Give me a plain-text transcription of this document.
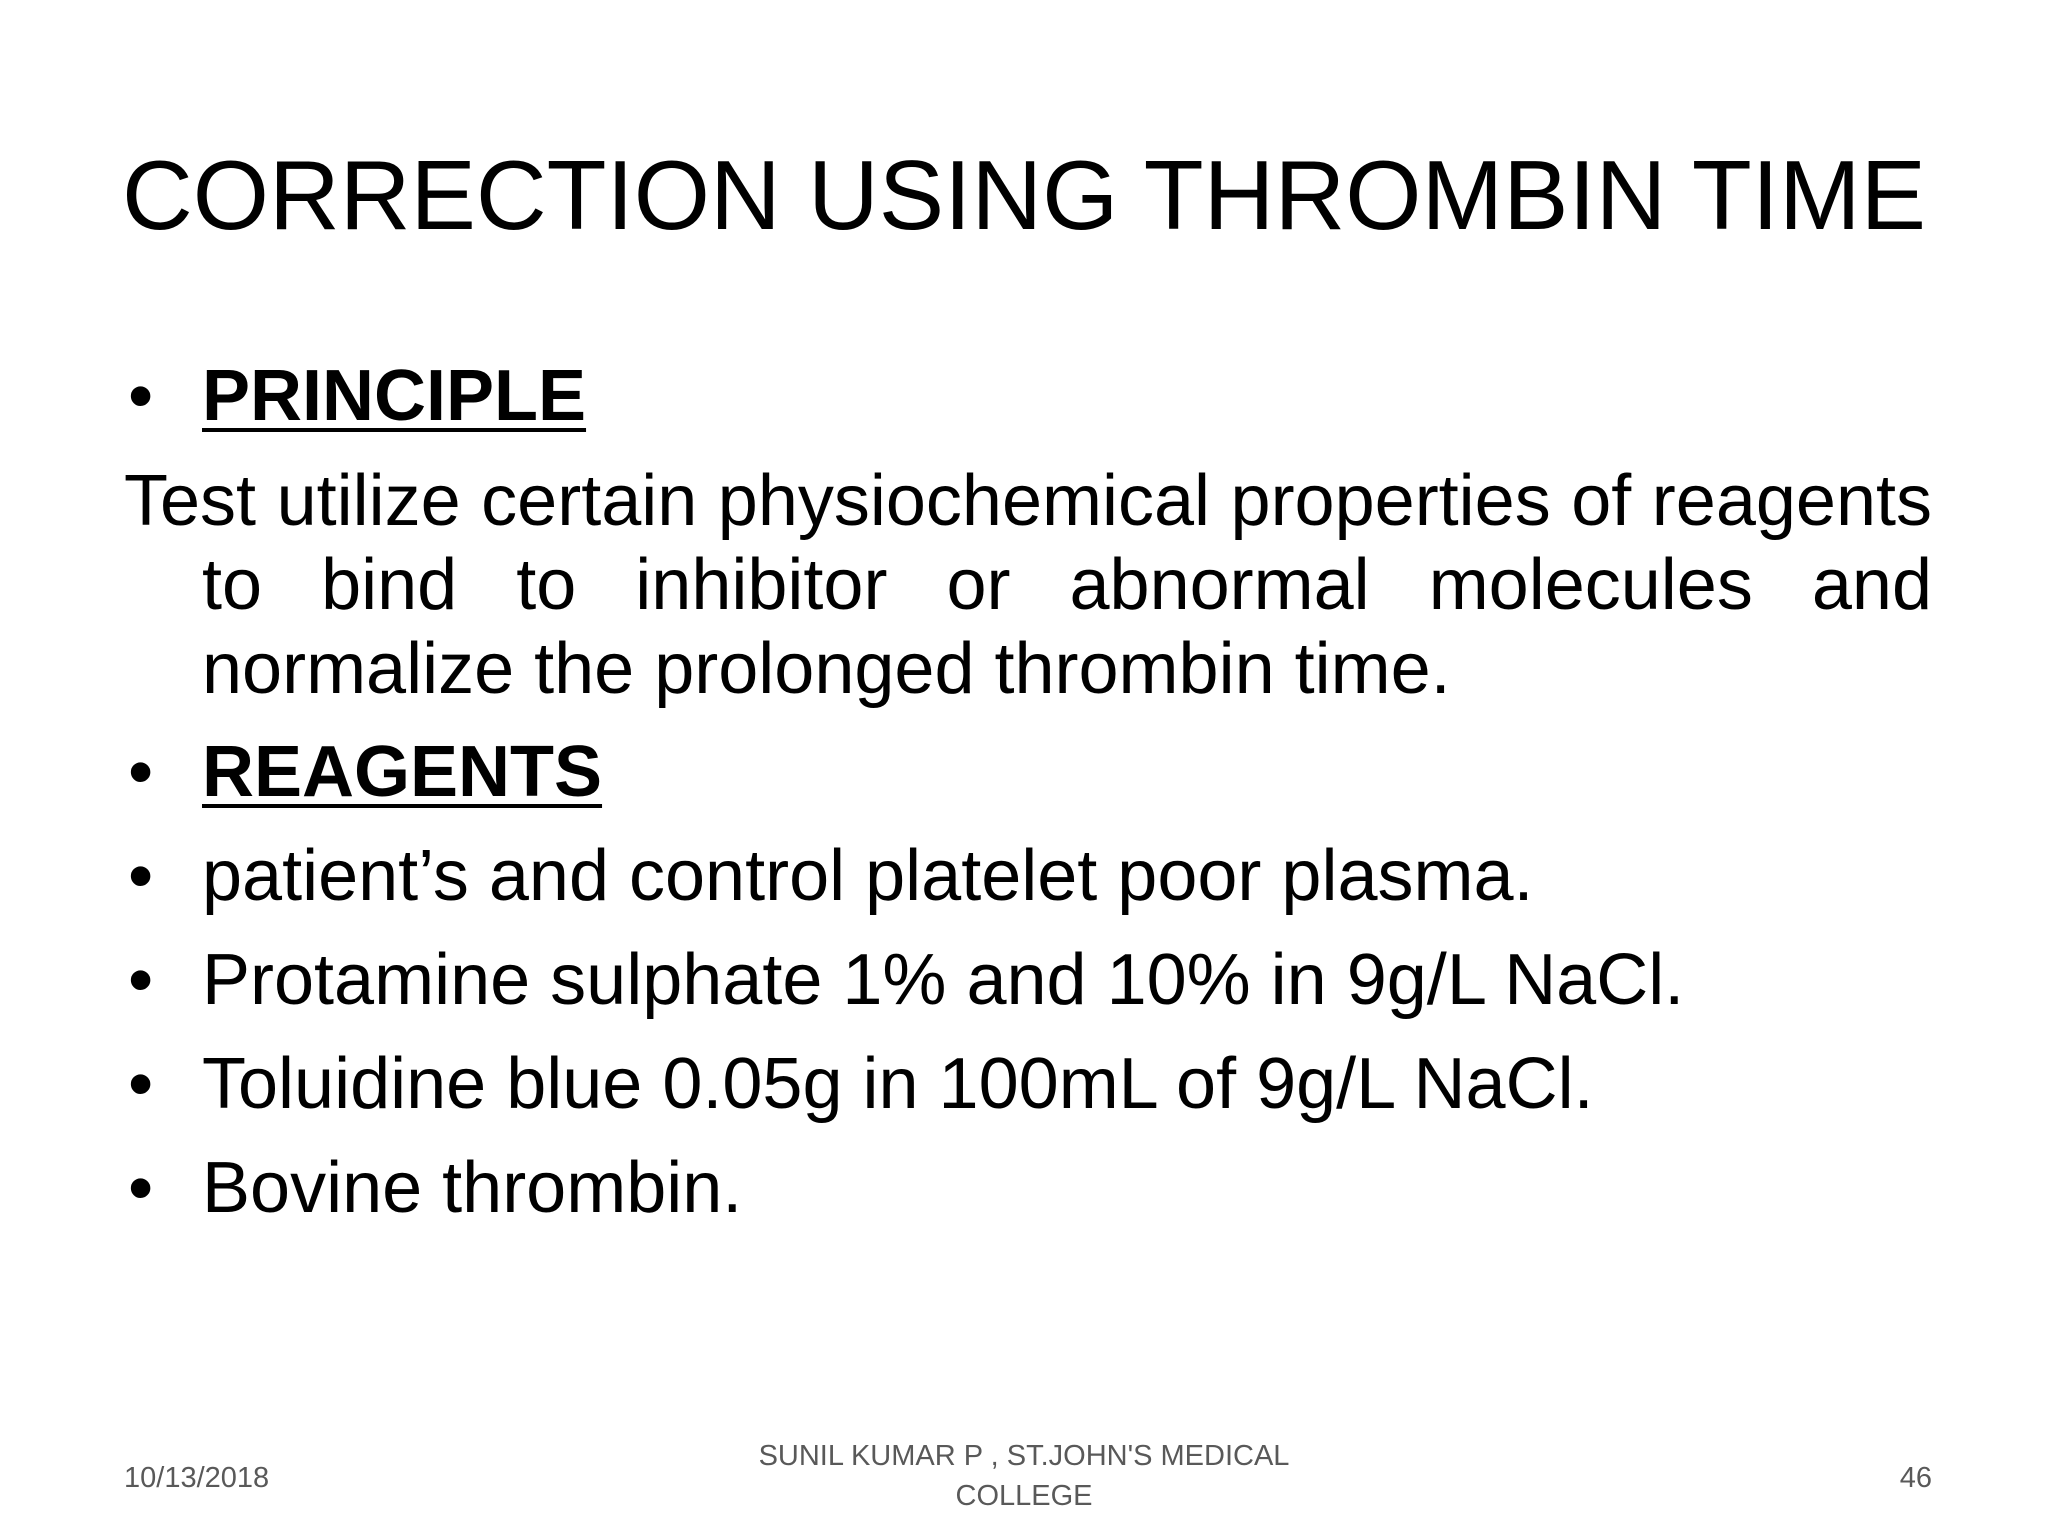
CORRECTION USING THROMBIN TIME
• PRINCIPLE

Test utilize certain physiochemical properties of reagents to bind to inhibitor or abnormal molecules and normalize the prolonged thrombin time.

• REAGENTS
• patient’s and control platelet poor plasma.
• Protamine sulphate 1% and 10% in 9g/L NaCl.
• Toluidine blue 0.05g in 100mL of 9g/L NaCl.
• Bovine thrombin.
10/13/2018
SUNIL KUMAR P , ST.JOHN'S MEDICAL
COLLEGE
46
